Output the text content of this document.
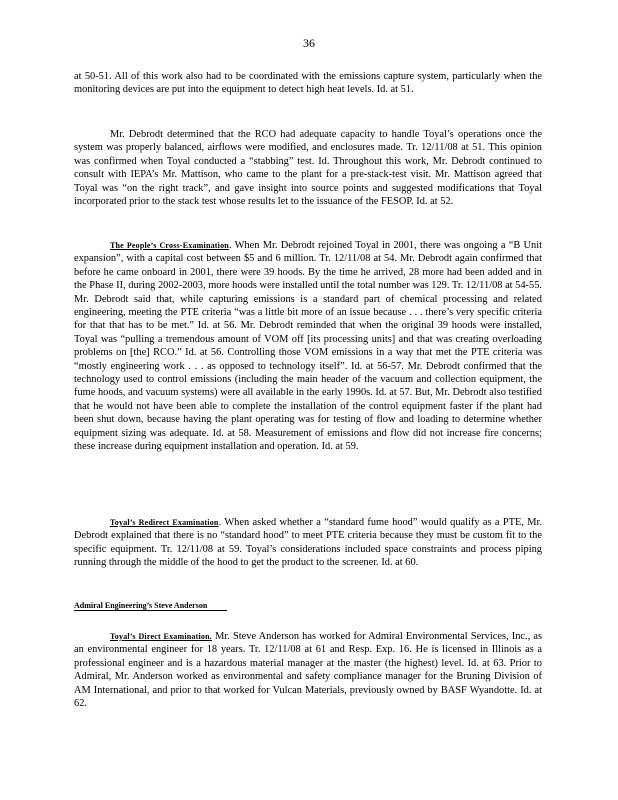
36
at 50-51. All of this work also had to be coordinated with the emissions capture system, particularly when the monitoring devices are put into the equipment to detect high heat levels. Id. at 51.
Mr. Debrodt determined that the RCO had adequate capacity to handle Toyal’s operations once the system was properly balanced, airflows were modified, and enclosures made. Tr. 12/11/08 at 51. This opinion was confirmed when Toyal conducted a “stabbing” test. Id. Throughout this work, Mr. Debrodt continued to consult with IEPA’s Mr. Mattison, who came to the plant for a pre-stack-test visit. Mr. Mattison agreed that Toyal was “on the right track”, and gave insight into source points and suggested modifications that Toyal incorporated prior to the stack test whose results let to the issuance of the FESOP. Id. at 52.
The People’s Cross-Examination. When Mr. Debrodt rejoined Toyal in 2001, there was ongoing a “B Unit expansion”, with a capital cost between $5 and 6 million. Tr. 12/11/08 at 54. Mr. Debrodt again confirmed that before he came onboard in 2001, there were 39 hoods. By the time he arrived, 28 more had been added and in the Phase II, during 2002-2003, more hoods were installed until the total number was 129. Tr. 12/11/08 at 54-55. Mr. Debrodt said that, while capturing emissions is a standard part of chemical processing and related engineering, meeting the PTE criteria “was a little bit more of an issue because . . . there’s very specific criteria for that that has to be met.” Id. at 56. Mr. Debrodt reminded that when the original 39 hoods were installed, Toyal was “pulling a tremendous amount of VOM off [its processing units] and that was creating overloading problems on [the] RCO.” Id. at 56. Controlling those VOM emissions in a way that met the PTE criteria was “mostly engineering work . . . as opposed to technology itself”. Id. at 56-57. Mr. Debrodt confirmed that the technology used to control emissions (including the main header of the vacuum and collection equipment, the fume hoods, and vacuum systems) were all available in the early 1990s. Id. at 57. But, Mr. Debrodt also testified that he would not have been able to complete the installation of the control equipment faster if the plant had been shut down, because having the plant operating was for testing of flow and loading to determine whether equipment sizing was adequate. Id. at 58. Measurement of emissions and flow did not increase fire concerns; these increase during equipment installation and operation. Id. at 59.
Toyal’s Redirect Examination. When asked whether a “standard fume hood” would qualify as a PTE, Mr. Debrodt explained that there is no “standard hood” to meet PTE criteria because they must be custom fit to the specific equipment. Tr. 12/11/08 at 59. Toyal’s considerations included space constraints and process piping running through the middle of the hood to get the product to the screener. Id. at 60.
Admiral Engineering’s Steve Anderson
Toyal’s Direct Examination. Mr. Steve Anderson has worked for Admiral Environmental Services, Inc., as an environmental engineer for 18 years. Tr. 12/11/08 at 61 and Resp. Exp. 16. He is licensed in Illinois as a professional engineer and is a hazardous material manager at the master (the highest) level. Id. at 63. Prior to Admiral, Mr. Anderson worked as environmental and safety compliance manager for the Bruning Division of AM International, and prior to that worked for Vulcan Materials, previously owned by BASF Wyandotte. Id. at 62.
